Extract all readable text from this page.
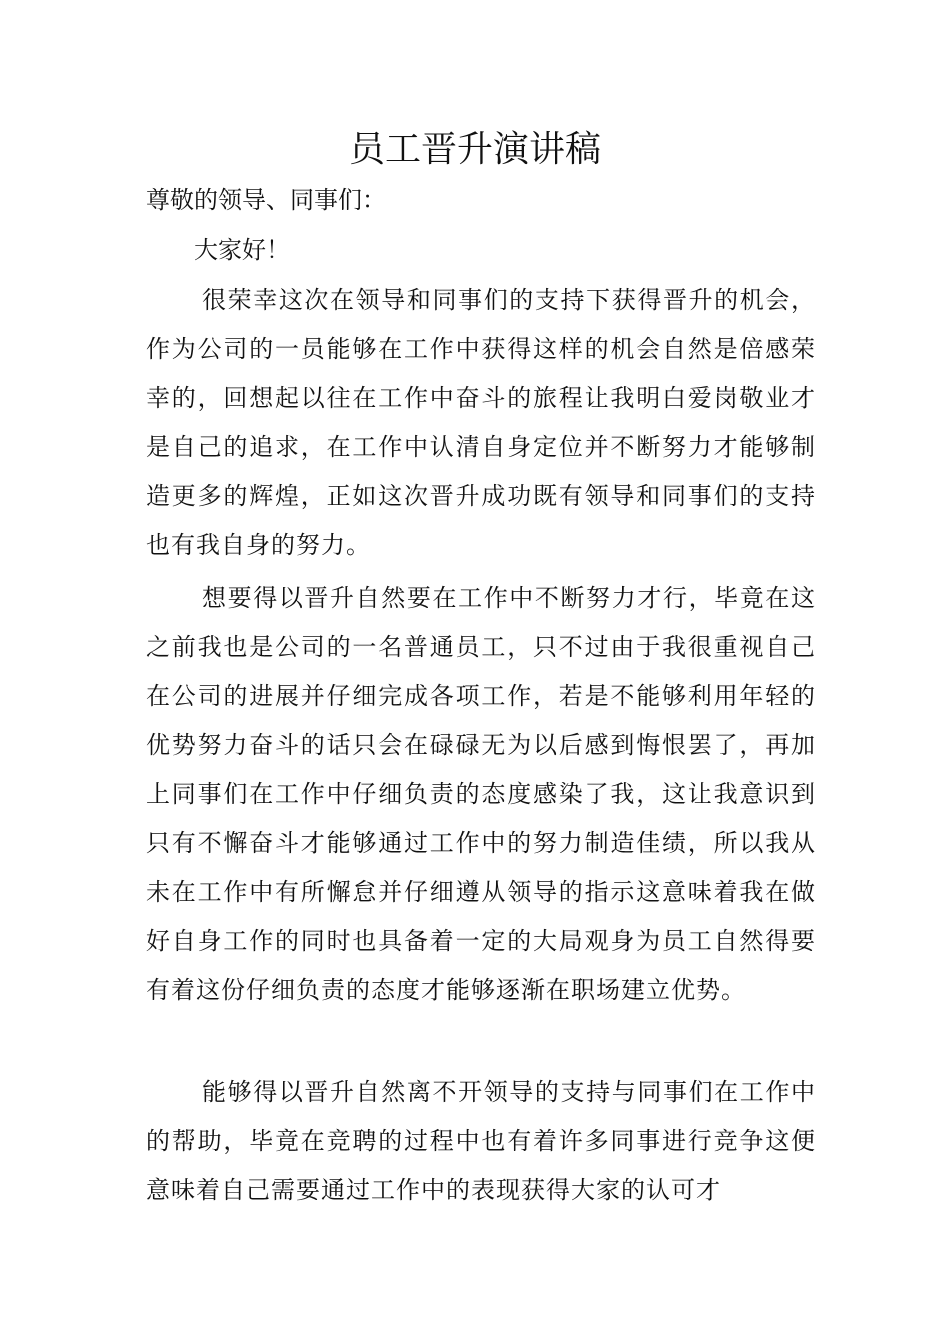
员工晋升演讲稿

尊敬的领导、同事们：

大家好！

很荣幸这次在领导和同事们的支持下获得晋升的机会，作为公司的一员能够在工作中获得这样的机会自然是倍感荣幸的，回想起以往在工作中奋斗的旅程让我明白爱岗敬业才是自己的追求，在工作中认清自身定位并不断努力才能够制造更多的辉煌，正如这次晋升成功既有领导和同事们的支持也有我自身的努力。

想要得以晋升自然要在工作中不断努力才行，毕竟在这之前我也是公司的一名普通员工，只不过由于我很重视自己在公司的进展并仔细完成各项工作，若是不能够利用年轻的优势努力奋斗的话只会在碌碌无为以后感到悔恨罢了，再加上同事们在工作中仔细负责的态度感染了我，这让我意识到只有不懈奋斗才能够通过工作中的努力制造佳绩，所以我从未在工作中有所懈怠并仔细遵从领导的指示这意味着我在做好自身工作的同时也具备着一定的大局观身为员工自然得要有着这份仔细负责的态度才能够逐渐在职场建立优势。

能够得以晋升自然离不开领导的支持与同事们在工作中的帮助，毕竟在竞聘的过程中也有着许多同事进行竞争这便意味着自己需要通过工作中的表现获得大家的认可才
